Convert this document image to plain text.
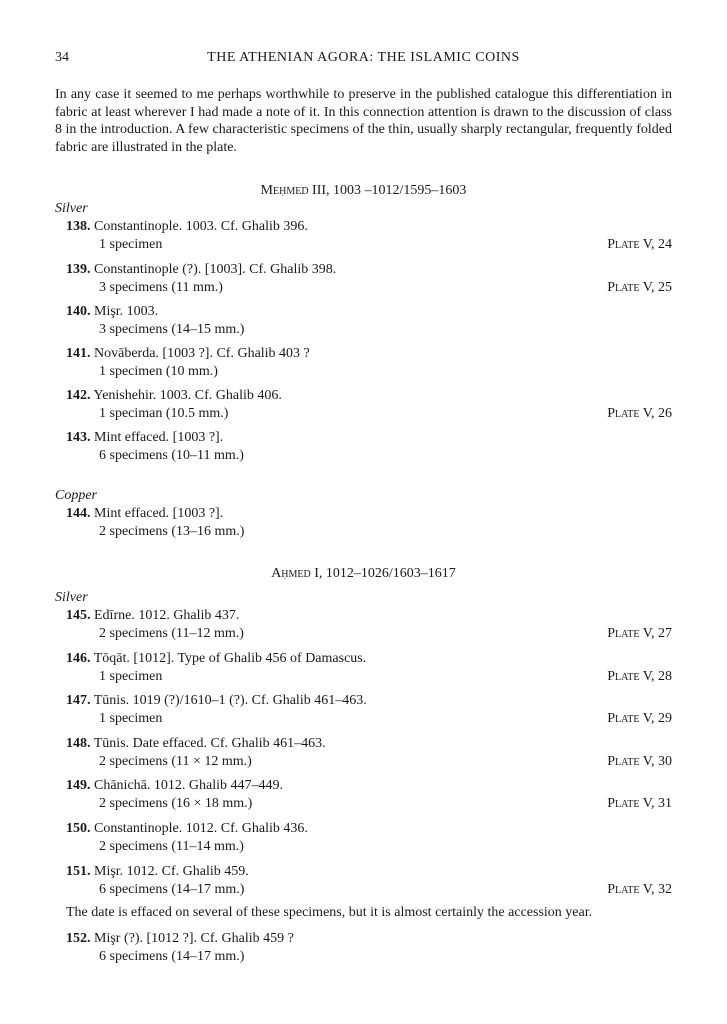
34	THE ATHENIAN AGORA: THE ISLAMIC COINS

In any case it seemed to me perhaps worthwhile to preserve in the published catalogue this differentiation in fabric at least wherever I had made a note of it. In this connection attention is drawn to the discussion of class 8 in the introduction. A few characteristic specimens of the thin, usually sharply rectangular, frequently folded fabric are illustrated in the plate.

Meḥmed III, 1003 –1012/1595–1603

Silver

138. Constantinople. 1003. Cf. Ghalib 396.
1 specimen	Plate V, 24
139. Constantinople (?). [1003]. Cf. Ghalib 398.
3 specimens (11 mm.)	Plate V, 25
140. Mişr. 1003.
3 specimens (14–15 mm.)
141. Novāberda. [1003 ?]. Cf. Ghalib 403 ?
1 specimen (10 mm.)
142. Yenishehir. 1003. Cf. Ghalib 406.
1 speciman (10.5 mm.)	Plate V, 26
143. Mint effaced. [1003 ?].
6 specimens (10–11 mm.)

Copper

144. Mint effaced. [1003 ?].
2 specimens (13–16 mm.)

Aḥmed I, 1012–1026/1603–1617

Silver

145. Edīrne. 1012. Ghalib 437.
2 specimens (11–12 mm.)	Plate V, 27
146. Tōqāt. [1012]. Type of Ghalib 456 of Damascus.
1 specimen	Plate V, 28
147. Tūnis. 1019 (?)/1610–1 (?). Cf. Ghalib 461–463.
1 specimen	Plate V, 29
148. Tūnis. Date effaced. Cf. Ghalib 461–463.
2 specimens (11 × 12 mm.)	Plate V, 30
149. Chānichā. 1012. Ghalib 447–449.
2 specimens (16 × 18 mm.)	Plate V, 31
150. Constantinople. 1012. Cf. Ghalib 436.
2 specimens (11–14 mm.)
151. Mişr. 1012. Cf. Ghalib 459.
6 specimens (14–17 mm.)	Plate V, 32

The date is effaced on several of these specimens, but it is almost certainly the accession year.

152. Mişr (?). [1012 ?]. Cf. Ghalib 459 ?
6 specimens (14–17 mm.)
